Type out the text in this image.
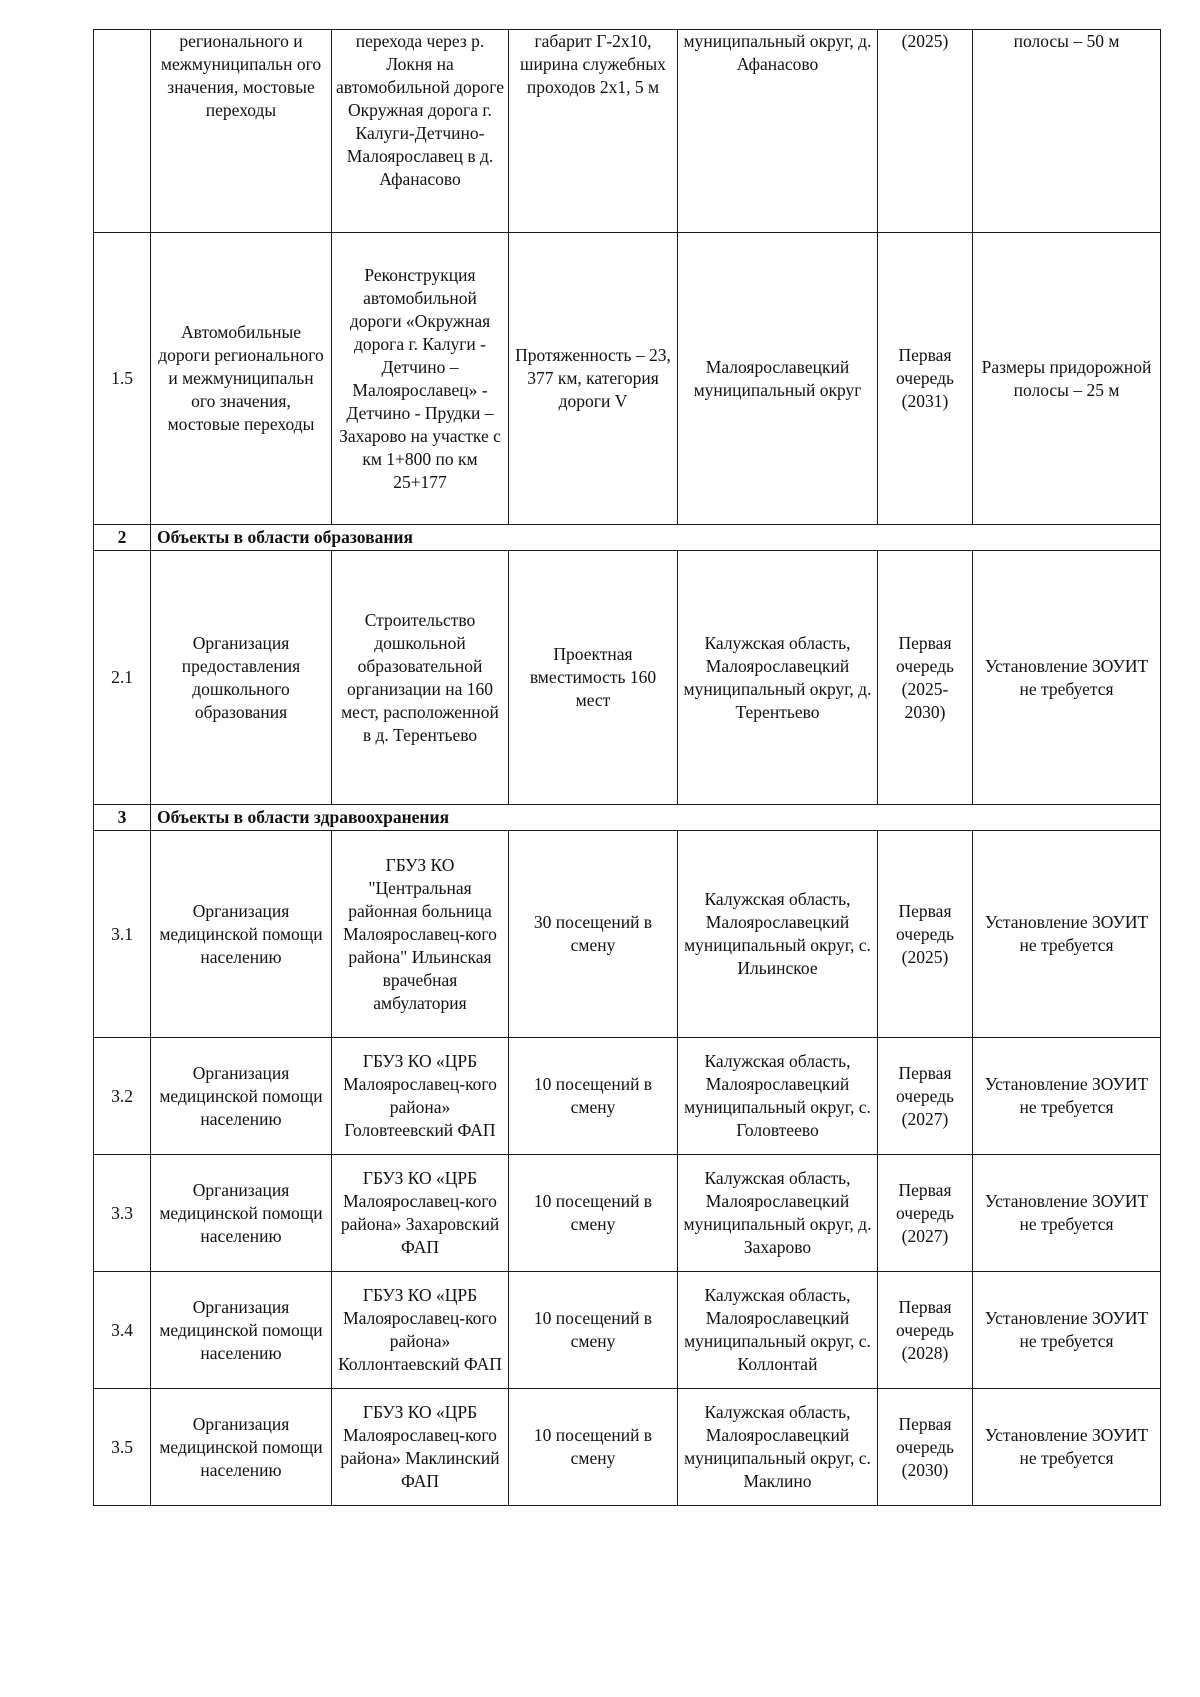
	регионального и межмуниципальн ого значения, мостовые переходы	перехода через р. Локня на автомобильной дороге Окружная дорога г. Калуги-Детчино-Малоярославец в д. Афанасово	габарит Г-2х10, ширина служебных проходов 2х1, 5 м	муниципальный округ, д. Афанасово	(2025)	полосы – 50 м
1.5	Автомобильные дороги регионального и межмуниципальн ого значения, мостовые переходы	Реконструкция автомобильной дороги «Окружная дорога г. Калуги - Детчино – Малоярославец» - Детчино - Прудки – Захарово на участке с км 1+800 по км 25+177	Протяженность – 23, 377 км, категория дороги V	Малоярославецкий муниципальный округ	Первая очередь (2031)	Размеры придорожной полосы – 25 м
2	Объекты в области образования					
2.1	Организация предоставления дошкольного образования	Строительство дошкольной образовательной организации на 160 мест, расположенной в д. Терентьево	Проектная вместимость 160 мест	Калужская область, Малоярославецкий муниципальный округ, д. Терентьево	Первая очередь (2025-2030)	Установление ЗОУИТ не требуется
3	Объекты в области здравоохранения					
3.1	Организация медицинской помощи населению	ГБУЗ КО "Центральная районная больница Малоярославец-кого района" Ильинская врачебная амбулатория	30 посещений в смену	Калужская область, Малоярославецкий муниципальный округ, с. Ильинское	Первая очередь (2025)	Установление ЗОУИТ не требуется
3.2	Организация медицинской помощи населению	ГБУЗ КО «ЦРБ Малоярославец-кого района» Головтеевский ФАП	10 посещений в смену	Калужская область, Малоярославецкий муниципальный округ, с. Головтеево	Первая очередь (2027)	Установление ЗОУИТ не требуется
3.3	Организация медицинской помощи населению	ГБУЗ КО «ЦРБ Малоярославец-кого района» Захаровский ФАП	10 посещений в смену	Калужская область, Малоярославецкий муниципальный округ, д. Захарово	Первая очередь (2027)	Установление ЗОУИТ не требуется
3.4	Организация медицинской помощи населению	ГБУЗ КО «ЦРБ Малоярославец-кого района» Коллонтаевский ФАП	10 посещений в смену	Калужская область, Малоярославецкий муниципальный округ, с. Коллонтай	Первая очередь (2028)	Установление ЗОУИТ не требуется
3.5	Организация медицинской помощи населению	ГБУЗ КО «ЦРБ Малоярославец-кого района» Маклинский ФАП	10 посещений в смену	Калужская область, Малоярославецкий муниципальный округ, с. Маклино	Первая очередь (2030)	Установление ЗОУИТ не требуется
